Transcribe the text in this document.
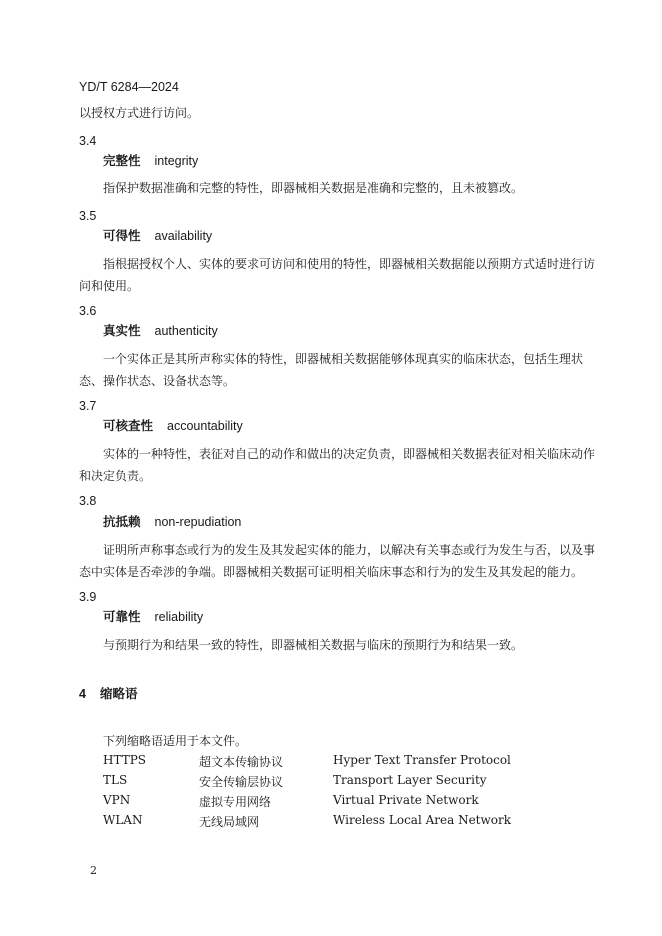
YD/T 6284—2024
以授权方式进行访问。
3.4
完整性 integrity
指保护数据准确和完整的特性，即器械相关数据是准确和完整的，且未被篡改。
3.5
可得性 availability
指根据授权个人、实体的要求可访问和使用的特性，即器械相关数据能以预期方式适时进行访问和使用。
3.6
真实性 authenticity
一个实体正是其所声称实体的特性，即器械相关数据能够体现真实的临床状态，包括生理状态、操作状态、设备状态等。
3.7
可核查性 accountability
实体的一种特性，表征对自己的动作和做出的决定负责，即器械相关数据表征对相关临床动作和决定负责。
3.8
抗抵赖 non-repudiation
证明所声称事态或行为的发生及其发起实体的能力，以解决有关事态或行为发生与否，以及事态中实体是否牵涉的争端。即器械相关数据可证明相关临床事态和行为的发生及其发起的能力。
3.9
可靠性 reliability
与预期行为和结果一致的特性，即器械相关数据与临床的预期行为和结果一致。
4 缩略语
下列缩略语适用于本文件。
HTTPS	超文本传输协议	Hyper Text Transfer Protocol
TLS	安全传输层协议	Transport Layer Security
VPN	虚拟专用网络	Virtual Private Network
WLAN	无线局域网	Wireless Local Area Network
2
